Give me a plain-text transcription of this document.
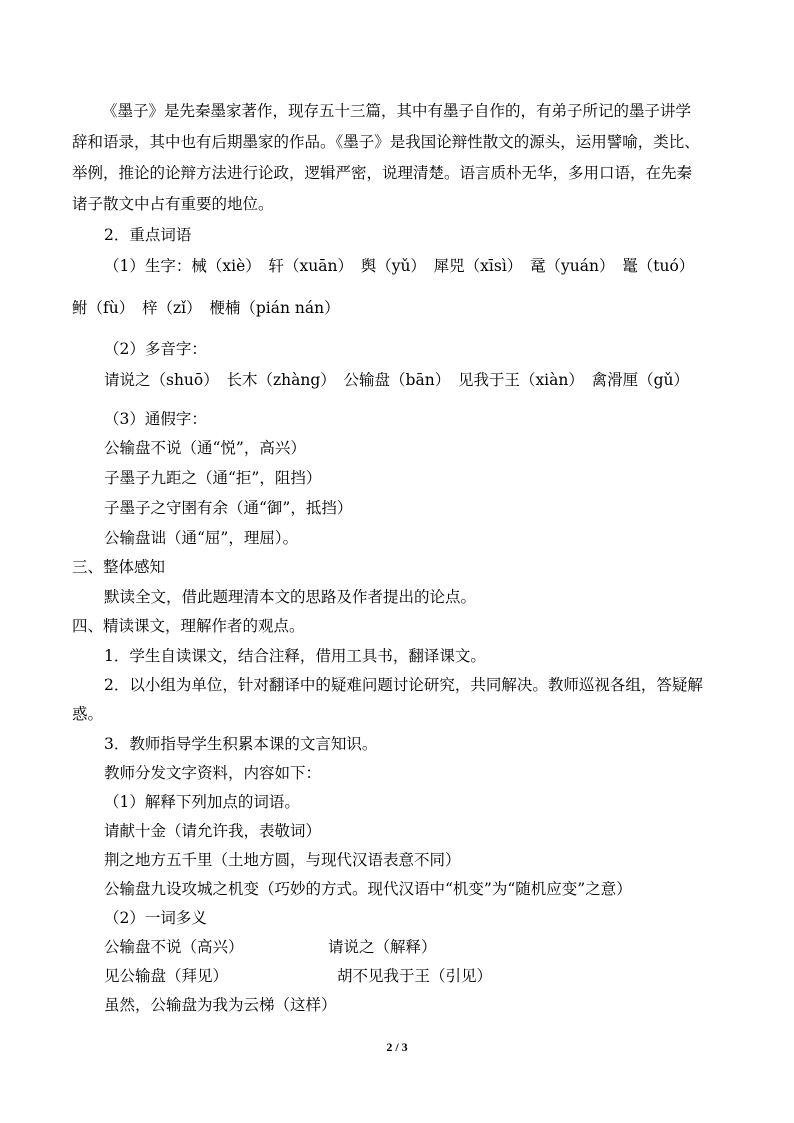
《墨子》是先秦墨家著作，现存五十三篇，其中有墨子自作的，有弟子所记的墨子讲学
辞和语录，其中也有后期墨家的作品。《墨子》是我国论辩性散文的源头，运用譬喻，类比、
举例，推论的论辩方法进行论政，逻辑严密，说理清楚。语言质朴无华，多用口语，在先秦
诸子散文中占有重要的地位。
2．重点词语
（1）生字：械（xiè）　轩（xuān）　舆（yǔ）　犀兕（xīsì）　鼋（yuán）　鼍（tuó）
鲋（fù）　梓（zǐ）　楩楠（pián nán）
（2）多音字：
请说之（shuō）　长木（zhàng）　公输盘（bān）　见我于王（xiàn）　禽滑厘（gǔ）
（3）通假字：
公输盘不说（通“悦”，高兴）
子墨子九距之（通“拒”，阻挡）
子墨子之守圉有余（通“御”，抵挡）
公输盘诎（通“屈”，理屈）。
三、整体感知
默读全文，借此题理清本文的思路及作者提出的论点。
四、精读课文，理解作者的观点。
1．学生自读课文，结合注释，借用工具书，翻译课文。
2．以小组为单位，针对翻译中的疑难问题讨论研究，共同解决。教师巡视各组，答疑解
惑。
3．教师指导学生积累本课的文言知识。
教师分发文字资料，内容如下：
（1）解释下列加点的词语。
请献十金（请允许我，表敬词）
荆之地方五千里（土地方圆，与现代汉语表意不同）
公输盘九设攻城之机变（巧妙的方式。现代汉语中“机变”为“随机应变”之意）
（2）一词多义
公输盘不说（高兴）	请说之（解释）
见公输盘（拜见）	胡不见我于王（引见）
虽然，公输盘为我为云梯（这样）
2 / 3
